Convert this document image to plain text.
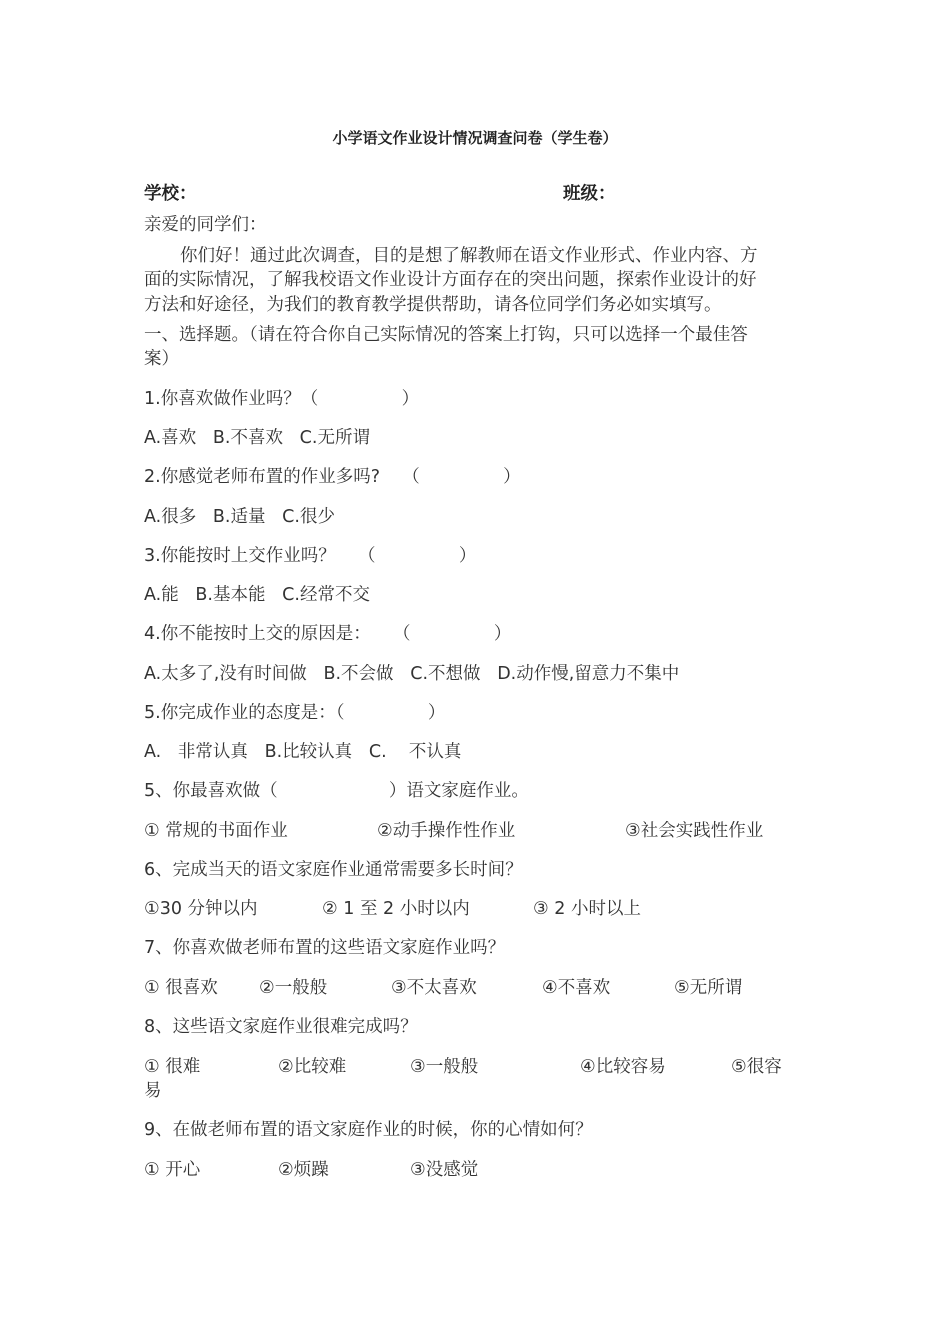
小学语文作业设计情况调查问卷（学生卷）
学校：	班级：
亲爱的同学们：
你们好！通过此次调查，目的是想了解教师在语文作业形式、作业内容、方
面的实际情况，了解我校语文作业设计方面存在的突出问题，探索作业设计的好
方法和好途径，为我们的教育教学提供帮助，请各位同学们务必如实填写。
一、选择题。（请在符合你自己实际情况的答案上打钩，只可以选择一个最佳答
案）
1.你喜欢做作业吗？（               ）
A.喜欢   B.不喜欢   C.无所谓
2.你感觉老师布置的作业多吗?    （               ）
A.很多   B.适量   C.很少
3.你能按时上交作业吗？    （               ）
A.能   B.基本能   C.经常不交
4.你不能按时上交的原因是：    （               ）
A.太多了,没有时间做   B.不会做   C.不想做   D.动作慢,留意力不集中
5.你完成作业的态度是：（               ）
A.   非常认真   B.比较认真   C.    不认真
5、你最喜欢做（                    ）语文家庭作业。
① 常规的书面作业	②动手操作性作业	③社会实践性作业
6、完成当天的语文家庭作业通常需要多长时间？
①30 分钟以内	② 1 至 2 小时以内	③ 2 小时以上
7、你喜欢做老师布置的这些语文家庭作业吗？
① 很喜欢 ②一般般	③不太喜欢	④不喜欢	⑤无所谓
8、这些语文家庭作业很难完成吗？
① 很难	②比较难	③一般般	④比较容易	⑤很容
易
9、在做老师布置的语文家庭作业的时候，你的心情如何？
① 开心	②烦躁	③没感觉
